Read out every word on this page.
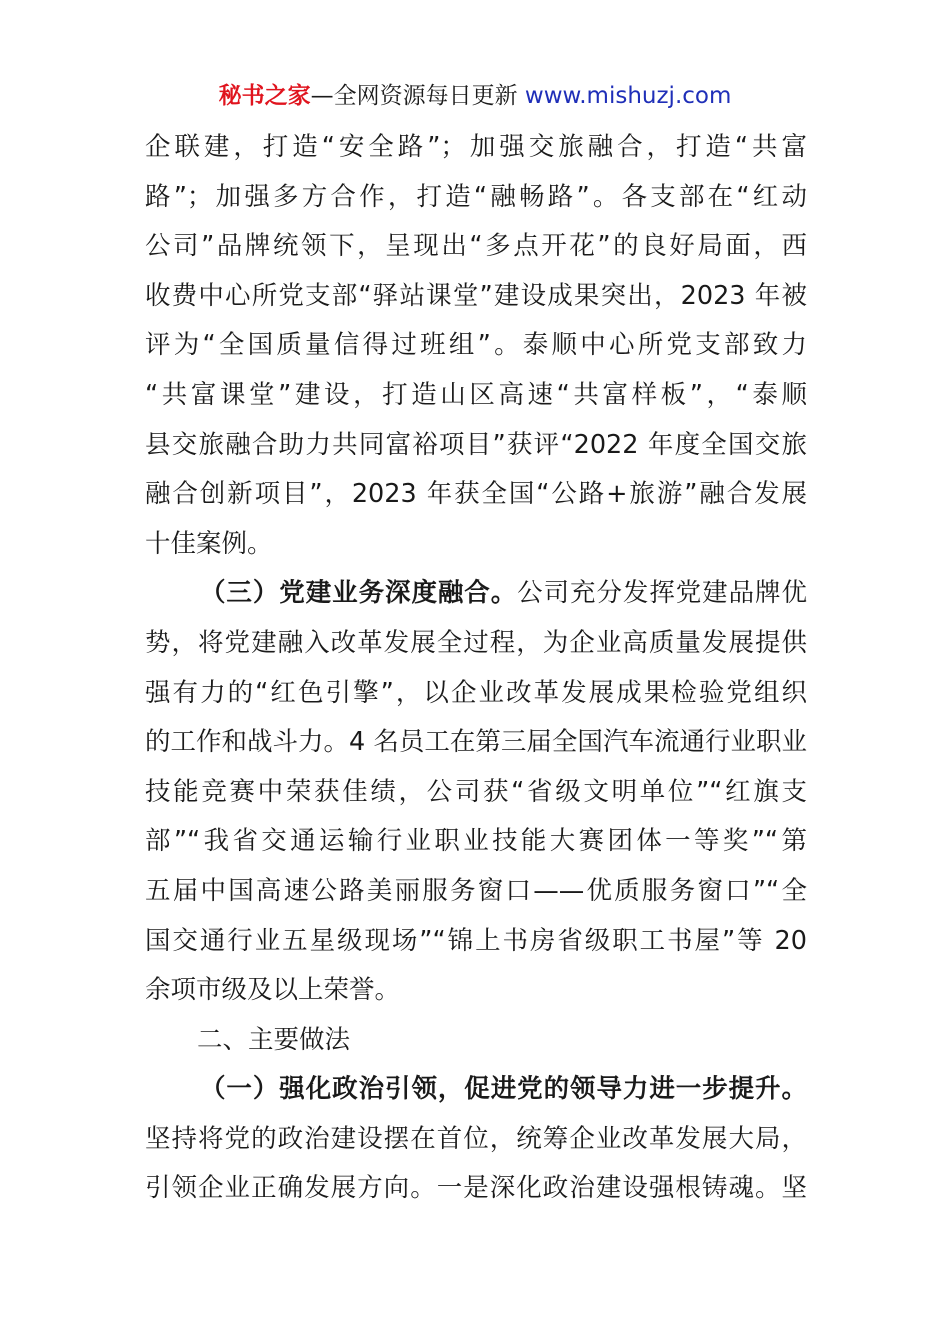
秘书之家—全网资源每日更新 www.mishuzj.com
企联建，打造“安全路”；加强交旅融合，打造“共富
路”；加强多方合作，打造“融畅路”。各支部在“红动
公司”品牌统领下，呈现出“多点开花”的良好局面，西
收费中心所党支部“驿站课堂”建设成果突出，2023 年被
评为“全国质量信得过班组”。泰顺中心所党支部致力
“共富课堂”建设，打造山区高速“共富样板”，“泰顺
县交旅融合助力共同富裕项目”获评“2022 年度全国交旅
融合创新项目”，2023 年获全国“公路+旅游”融合发展
十佳案例。
（三）党建业务深度融合。公司充分发挥党建品牌优
势，将党建融入改革发展全过程，为企业高质量发展提供
强有力的“红色引擎”，以企业改革发展成果检验党组织
的工作和战斗力。4 名员工在第三届全国汽车流通行业职业
技能竞赛中荣获佳绩，公司获“省级文明单位”“红旗支
部”“我省交通运输行业职业技能大赛团体一等奖”“第
五届中国高速公路美丽服务窗口——优质服务窗口”“全
国交通行业五星级现场”“锦上书房省级职工书屋”等 20
余项市级及以上荣誉。
二、主要做法
（一）强化政治引领，促进党的领导力进一步提升。
坚持将党的政治建设摆在首位，统筹企业改革发展大局，
引领企业正确发展方向。一是深化政治建设强根铸魂。坚
